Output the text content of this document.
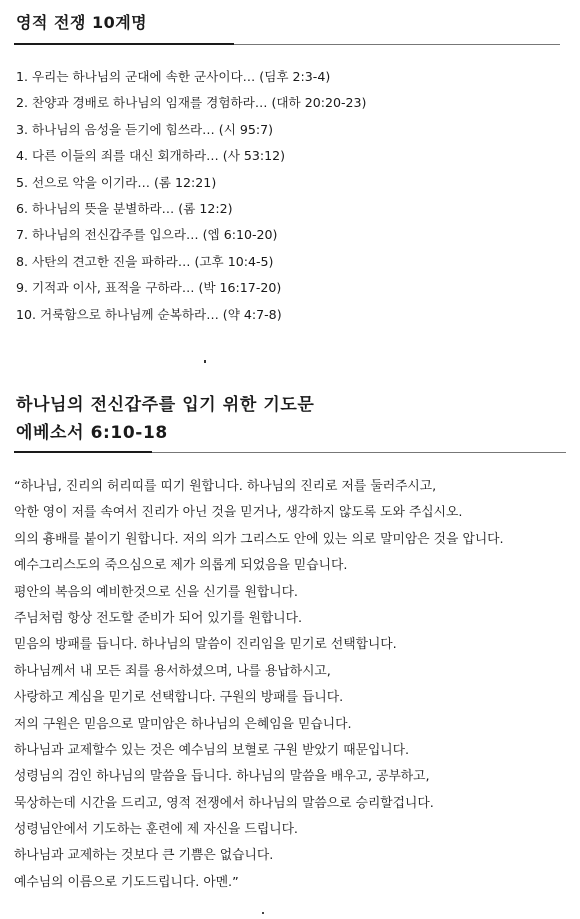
영적 전쟁 10계명
1. 우리는 하나님의 군대에 속한 군사이다… (딤후 2:3-4)
2. 찬양과 경배로 하나님의 임재를 경험하라… (대하 20:20-23)
3. 하나님의 음성을 듣기에 힘쓰라… (시 95:7)
4. 다른 이들의 죄를 대신 회개하라… (사 53:12)
5. 선으로 악을 이기라… (롬 12:21)
6. 하나님의 뜻을 분별하라… (롬 12:2)
7. 하나님의 전신갑주를 입으라… (엡 6:10-20)
8. 사탄의 견고한 진을 파하라… (고후 10:4-5)
9. 기적과 이사, 표적을 구하라… (박 16:17-20)
10. 거룩함으로 하나님께 순복하라… (약 4:7-8)
하나님의 전신갑주를 입기 위한 기도문
에베소서 6:10-18
“하나님, 진리의 허리띠를 띠기 원합니다. 하나님의 진리로 저를 둘러주시고,
악한 영이 저를 속여서 진리가 아닌 것을 믿거나, 생각하지 않도록 도와 주십시오.
의의 흉배를 붙이기 원합니다. 저의 의가 그리스도 안에 있는 의로 말미암은 것을 압니다.
예수그리스도의 죽으심으로 제가 의롭게 되었음을 믿습니다.
평안의 복음의 예비한것으로 신을 신기를 원합니다.
주님처럼 항상 전도할 준비가 되어 있기를 원합니다.
믿음의 방패를 듭니다. 하나님의 말씀이 진리임을 믿기로 선택합니다.
하나님께서 내 모든 죄를 용서하셨으며, 나를 용납하시고,
사랑하고 계심을 믿기로 선택합니다. 구원의 방패를 듭니다.
저의 구원은 믿음으로 말미암은 하나님의 은혜임을 믿습니다.
하나님과 교제할수 있는 것은 예수님의 보혈로 구원 받았기 때문입니다.
성령님의 검인 하나님의 말씀을 듭니다. 하나님의 말씀을 배우고, 공부하고,
묵상하는데 시간을 드리고, 영적 전쟁에서 하나님의 말씀으로 승리할겁니다.
성령님안에서 기도하는 훈련에 제 자신을 드립니다.
하나님과 교제하는 것보다 큰 기쁨은 없습니다.
예수님의 이름으로 기도드립니다. 아멘.”
